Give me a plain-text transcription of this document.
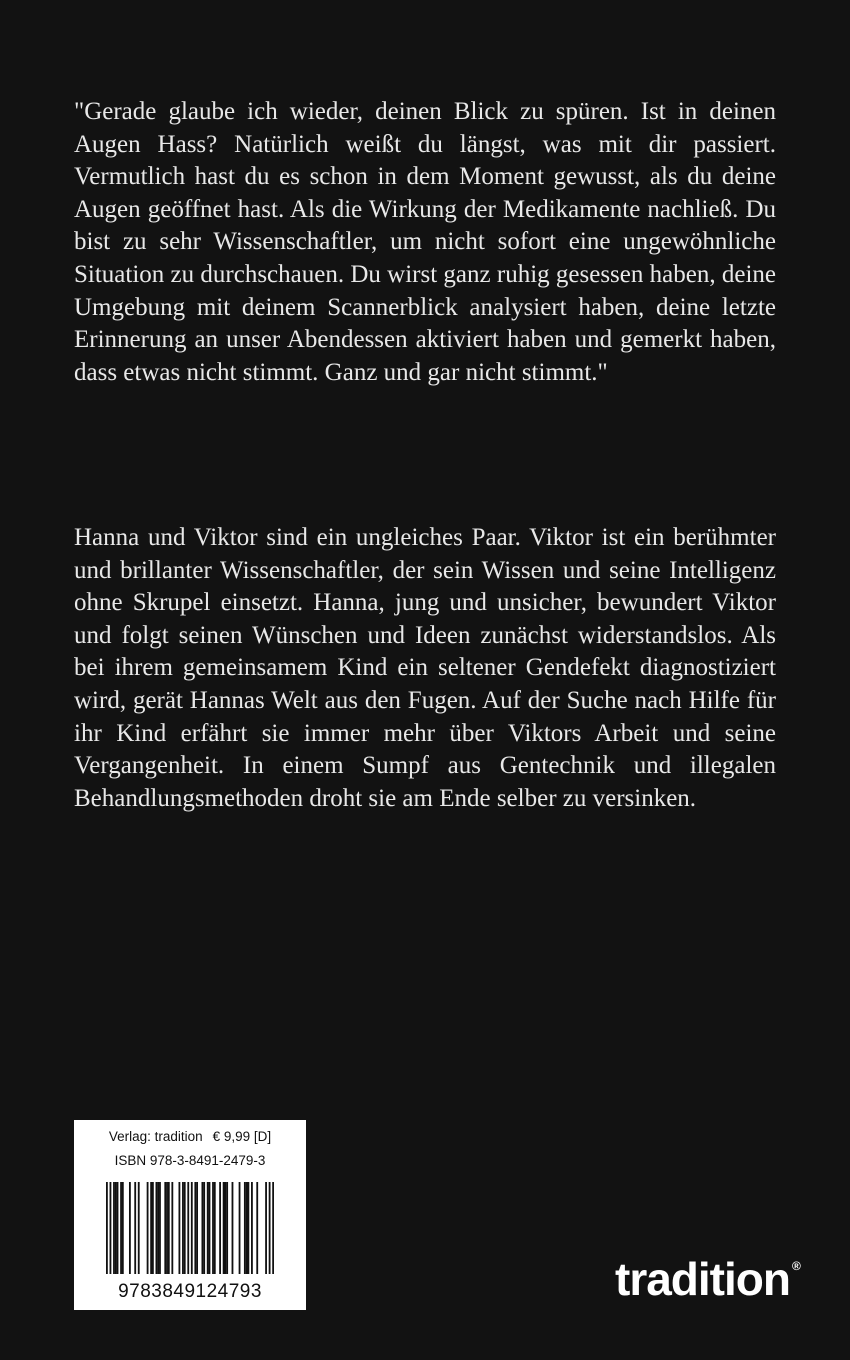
"Gerade glaube ich wieder, deinen Blick zu spüren. Ist in deinen Augen Hass? Natürlich weißt du längst, was mit dir passiert. Vermutlich hast du es schon in dem Moment gewusst, als du deine Augen geöffnet hast. Als die Wirkung der Medikamente nachließ. Du bist zu sehr Wissenschaftler, um nicht sofort eine ungewöhnliche Situation zu durchschauen. Du wirst ganz ruhig gesessen haben, deine Umgebung mit deinem Scannerblick analysiert haben, deine letzte Erinnerung an unser Abendessen aktiviert haben und gemerkt haben, dass etwas nicht stimmt. Ganz und gar nicht stimmt."

Hanna und Viktor sind ein ungleiches Paar. Viktor ist ein berühmter und brillanter Wissenschaftler, der sein Wissen und seine Intelligenz ohne Skrupel einsetzt. Hanna, jung und unsicher, bewundert Viktor und folgt seinen Wünschen und Ideen zunächst widerstandslos. Als bei ihrem gemeinsamem Kind ein seltener Gendefekt diagnostiziert wird, gerät Hannas Welt aus den Fugen. Auf der Suche nach Hilfe für ihr Kind erfährt sie immer mehr über Viktors Arbeit und seine Vergangenheit. In einem Sumpf aus Gentechnik und illegalen Behandlungsmethoden droht sie am Ende selber zu versinken.

Verlag: tradition € 9,99 [D]
ISBN 978-3-8491-2479-3
9783849124793	tradition ®
